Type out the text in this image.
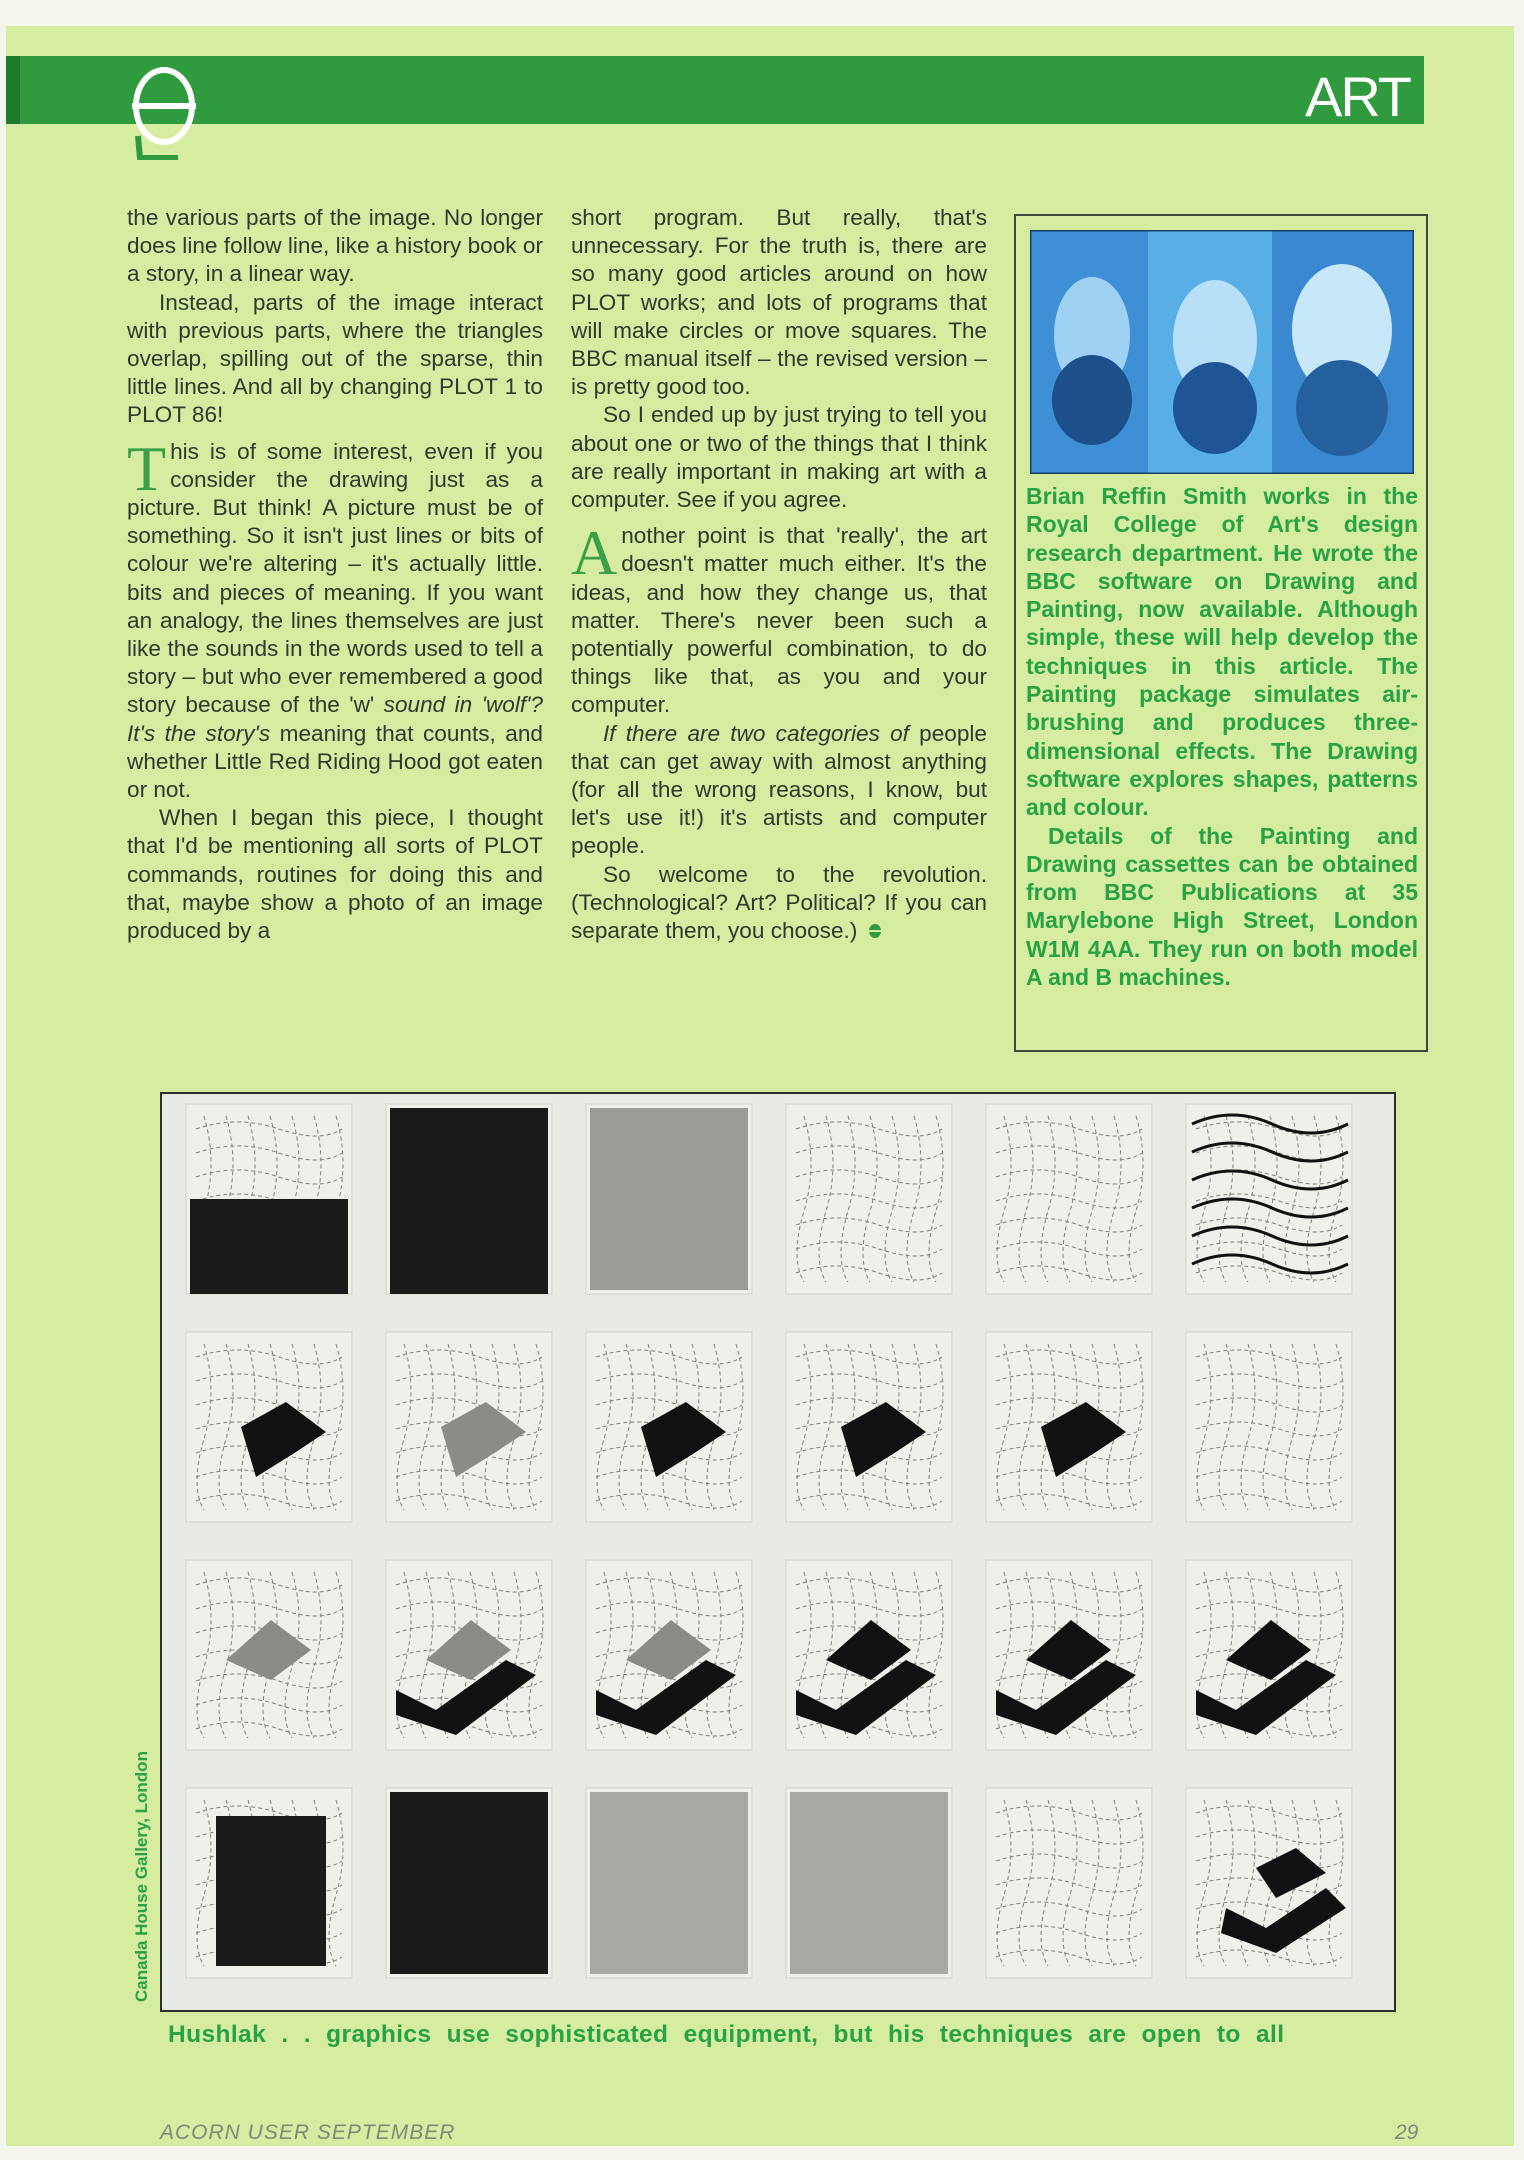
ART

the various parts of the image. No longer does line follow line, like a history book or a story, in a linear way.

Instead, parts of the image interact with previous parts, where the triangles overlap, spilling out of the sparse, thin little lines. And all by changing PLOT 1 to PLOT 86!

This is of some interest, even if you consider the drawing just as a picture. But think! A picture must be of something. So it isn't just lines or bits of colour we're altering – it's actually little. bits and pieces of meaning. If you want an analogy, the lines themselves are just like the sounds in the words used to tell a story – but who ever remembered a good story because of the 'w' sound in 'wolf'? It's the story's meaning that counts, and whether Little Red Riding Hood got eaten or not.

When I began this piece, I thought that I'd be mentioning all sorts of PLOT commands, routines for doing this and that, maybe show a photo of an image produced by a

short program. But really, that's unnecessary. For the truth is, there are so many good articles around on how PLOT works; and lots of programs that will make circles or move squares. The BBC manual itself – the revised version – is pretty good too.

So I ended up by just trying to tell you about one or two of the things that I think are really important in making art with a computer. See if you agree.

Another point is that 'really', the art doesn't matter much either. It's the ideas, and how they change us, that matter. There's never been such a potentially powerful combination, to do things like that, as you and your computer.

If there are two categories of people that can get away with almost anything (for all the wrong reasons, I know, but let's use it!) it's artists and computer people.

So welcome to the revolution. (Technological? Art? Political? If you can separate them, you choose.)

Brian Reffin Smith works in the Royal College of Art's design research department. He wrote the BBC software on Drawing and Painting, now available. Although simple, these will help develop the techniques in this article. The Painting package simulates air-brushing and produces three-dimensional effects. The Drawing software explores shapes, patterns and colour.

Details of the Painting and Drawing cassettes can be obtained from BBC Publications at 35 Marylebone High Street, London W1M 4AA. They run on both model A and B machines.

Canada House Gallery, London
Hushlak . . graphics use sophisticated equipment, but his techniques are open to all
ACORN USER SEPTEMBER	29
